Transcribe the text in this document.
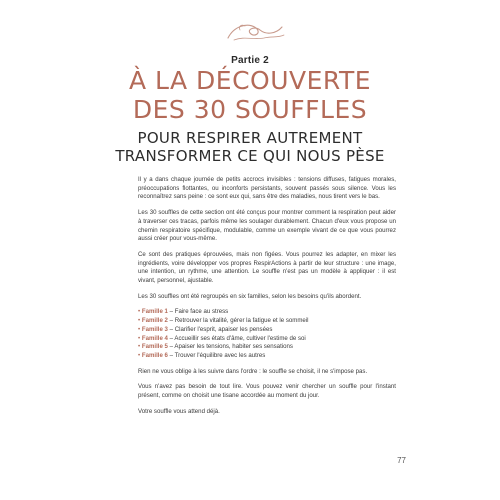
Partie 2
À LA DÉCOUVERTE
DES 30 SOUFFLES
POUR RESPIRER AUTREMENT
TRANSFORMER CE QUI NOUS PÈSE

Il y a dans chaque journée de petits accrocs invisibles : tensions diffuses, fatigues morales, préoccupations flottantes, ou inconforts persistants, souvent passés sous silence. Vous les reconnaîtrez sans peine : ce sont eux qui, sans être des maladies, nous tirent vers le bas.

Les 30 souffles de cette section ont été conçus pour montrer comment la respiration peut aider à traverser ces tracas, parfois même les soulager durablement. Chacun d'eux vous propose un chemin respiratoire spécifique, modulable, comme un exemple vivant de ce que vous pourrez aussi créer pour vous-même.

Ce sont des pratiques éprouvées, mais non figées. Vous pourrez les adapter, en mixer les ingrédients, voire développer vos propres RespirActions à partir de leur structure : une image, une intention, un rythme, une attention. Le souffle n'est pas un modèle à appliquer : il est vivant, personnel, ajustable.

Les 30 souffles ont été regroupés en six familles, selon les besoins qu'ils abordent.

• Famille 1 – Faire face au stress
• Famille 2 – Retrouver la vitalité, gérer la fatigue et le sommeil
• Famille 3 – Clarifier l'esprit, apaiser les pensées
• Famille 4 – Accueillir ses états d'âme, cultiver l'estime de soi
• Famille 5 – Apaiser les tensions, habiter ses sensations
• Famille 6 – Trouver l'équilibre avec les autres

Rien ne vous oblige à les suivre dans l'ordre : le souffle se choisit, il ne s'impose pas.

Vous n'avez pas besoin de tout lire. Vous pouvez venir chercher un souffle pour l'instant présent, comme on choisit une tisane accordée au moment du jour.

Votre souffle vous attend déjà.

77
